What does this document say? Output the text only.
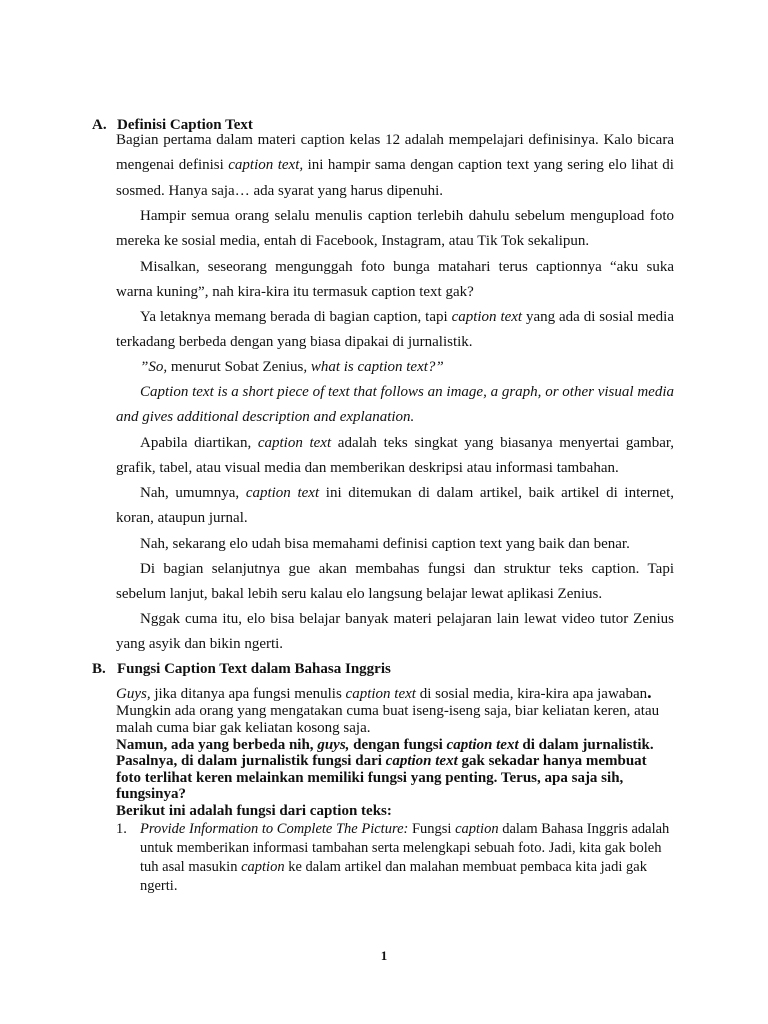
A. Definisi Caption Text

Bagian pertama dalam materi caption kelas 12 adalah mempelajari definisinya. Kalo bicara mengenai definisi caption text, ini hampir sama dengan caption text yang sering elo lihat di sosmed. Hanya saja… ada syarat yang harus dipenuhi.

Hampir semua orang selalu menulis caption terlebih dahulu sebelum mengupload foto mereka ke sosial media, entah di Facebook, Instagram, atau Tik Tok sekalipun.

Misalkan, seseorang mengunggah foto bunga matahari terus captionnya “aku suka warna kuning”, nah kira-kira itu termasuk caption text gak?

Ya letaknya memang berada di bagian caption, tapi caption text yang ada di sosial media terkadang berbeda dengan yang biasa dipakai di jurnalistik.

”So, menurut Sobat Zenius, what is caption text?”

Caption text is a short piece of text that follows an image, a graph, or other visual media and gives additional description and explanation.

Apabila diartikan, caption text adalah teks singkat yang biasanya menyertai gambar, grafik, tabel, atau visual media dan memberikan deskripsi atau informasi tambahan.

Nah, umumnya, caption text ini ditemukan di dalam artikel, baik artikel di internet, koran, ataupun jurnal.

Nah, sekarang elo udah bisa memahami definisi caption text yang baik dan benar.

Di bagian selanjutnya gue akan membahas fungsi dan struktur teks caption. Tapi sebelum lanjut, bakal lebih seru kalau elo langsung belajar lewat aplikasi Zenius.

Nggak cuma itu, elo bisa belajar banyak materi pelajaran lain lewat video tutor Zenius yang asyik dan bikin ngerti.

B. Fungsi Caption Text dalam Bahasa Inggris

Guys, jika ditanya apa fungsi menulis caption text di sosial media, kira-kira apa jawaban.

Mungkin ada orang yang mengatakan cuma buat iseng-iseng saja, biar keliatan keren, atau malah cuma biar gak keliatan kosong saja.

Namun, ada yang berbeda nih, guys, dengan fungsi caption text di dalam jurnalistik.

Pasalnya, di dalam jurnalistik fungsi dari caption text gak sekadar hanya membuat foto terlihat keren melainkan memiliki fungsi yang penting. Terus, apa saja sih, fungsinya?

Berikut ini adalah fungsi dari caption teks:

1. Provide Information to Complete The Picture: Fungsi caption dalam Bahasa Inggris adalah untuk memberikan informasi tambahan serta melengkapi sebuah foto. Jadi, kita gak boleh tuh asal masukin caption ke dalam artikel dan malahan membuat pembaca kita jadi gak ngerti.
1
